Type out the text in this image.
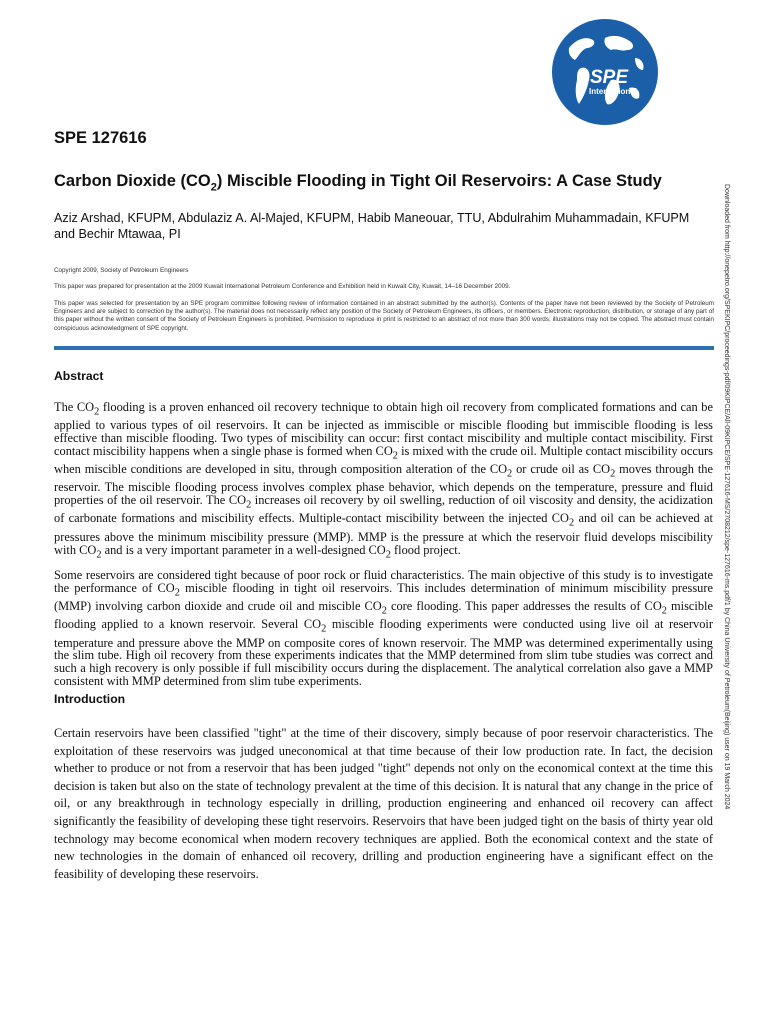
SPE
International
SPE 127616
Carbon Dioxide $(CO_2)$ Miscible Flooding in Tight Oil Reservoirs: A Case Study
Aziz Arshad, KFUPM, Abdulaziz A. Al-Majed, KFUPM, Habib Maneouar, TTU, Abdulrahim Muhammadain, KFUPM and Bechir Mtawaa, PI
Copyright 2009, Society of Petroleum Engineers
This paper was prepared for presentation at the 2009 Kuwait International Petroleum Conference and Exhibition held in Kuwait City, Kuwait, 14–16 December 2009.
This paper was selected for presentation by an SPE program committee following review of information contained in an abstract submitted by the author(s). Contents of the paper have not been reviewed by the Society of Petroleum Engineers and are subject to correction by the author(s). The material does not necessarily reflect any position of the Society of Petroleum Engineers, its officers, or members. Electronic reproduction, distribution, or storage of any part of this paper without the written consent of the Society of Petroleum Engineers is prohibited. Permission to reproduce in print is restricted to an abstract of not more than 300 words; illustrations may not be copied. The abstract must contain conspicuous acknowledgment of SPE copyright.
Abstract

The $CO_2$ flooding is a proven enhanced oil recovery technique to obtain high oil recovery from complicated formations and can be applied to various types of oil reservoirs. It can be injected as immiscible or miscible flooding but immiscible flooding is less effective than miscible flooding. Two types of miscibility can occur: first contact miscibility and multiple contact miscibility. First contact miscibility happens when a single phase is formed when $CO_2$ is mixed with the crude oil. Multiple contact miscibility occurs when miscible conditions are developed in situ, through composition alteration of the $CO_2$ or crude oil as $CO_2$ moves through the reservoir. The miscible flooding process involves complex phase behavior, which depends on the temperature, pressure and fluid properties of the oil reservoir. The $CO_2$ increases oil recovery by oil swelling, reduction of oil viscosity and density, the acidization of carbonate formations and miscibility effects. Multiple-contact miscibility between the injected $CO_2$ and oil can be achieved at pressures above the minimum miscibility pressure (MMP). MMP is the pressure at which the reservoir fluid develops miscibility with $CO_2$ and is a very important parameter in a well-designed $CO_2$ flood project.

Some reservoirs are considered tight because of poor rock or fluid characteristics. The main objective of this study is to investigate the performance of $CO_2$ miscible flooding in tight oil reservoirs. This includes determination of minimum miscibility pressure (MMP) involving carbon dioxide and crude oil and miscible $CO_2$ core flooding. This paper addresses the results of $CO_2$ miscible flooding applied to a known reservoir. Several $CO_2$ miscible flooding experiments were conducted using live oil at reservoir temperature and pressure above the MMP on composite cores of known reservoir. The MMP was determined experimentally using the slim tube. High oil recovery from these experiments indicates that the MMP determined from slim tube studies was correct and such a high recovery is only possible if full miscibility occurs during the displacement. The analytical correlation also gave a MMP consistent with MMP determined from slim tube experiments.

Introduction

Certain reservoirs have been classified "tight" at the time of their discovery, simply because of poor reservoir characteristics. The exploitation of these reservoirs was judged uneconomical at that time because of their low production rate. In fact, the decision whether to produce or not from a reservoir that has been judged "tight" depends not only on the economical context at the time this decision is taken but also on the state of technology prevalent at the time of this decision. It is natural that any change in the price of oil, or any breakthrough in technology especially in drilling, production engineering and enhanced oil recovery can affect significantly the feasibility of developing these tight reservoirs. Reservoirs that have been judged tight on the basis of thirty year old technology may become economical when modern recovery techniques are applied. Both the economical context and the state of new technologies in the domain of enhanced oil recovery, drilling and production engineering have a significant effect on the feasibility of developing these reservoirs.

Downloaded from http://onepetro.org/SPEKIPC/proceedings-pdf/09KIPCE/All-09KIPCE/SPE-127616-MS/2708212/spe-127616-ms.pdf/1 by China University of Petroleum(Beijing) user on 19 March 2024
